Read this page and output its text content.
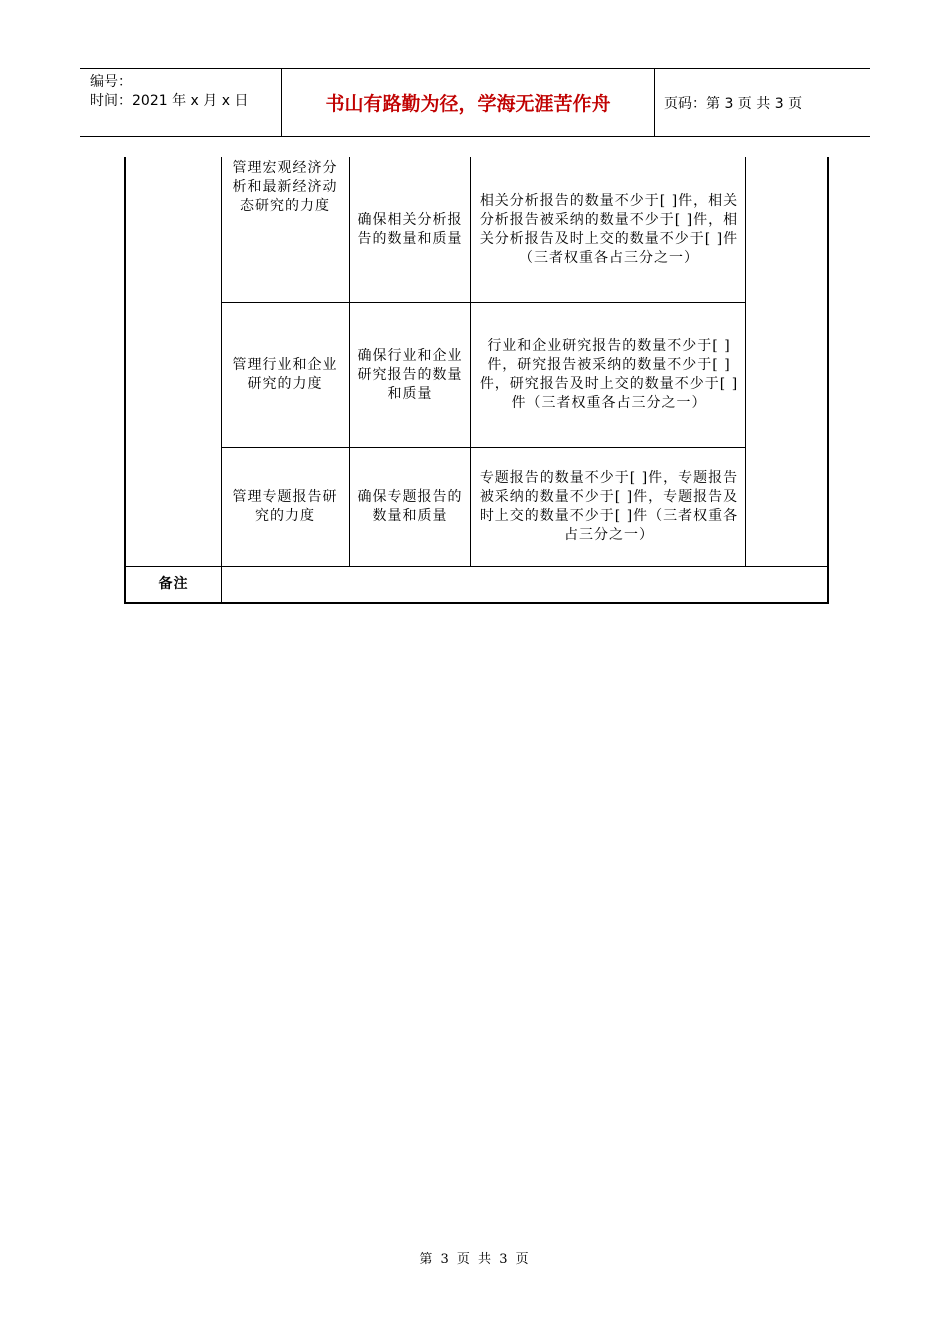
编号：
时间：2021 年 x 月 x 日	书山有路勤为径，学海无涯苦作舟	页码：第 3 页 共 3 页
管理宏观经济分析和最新经济动态研究的力度
确保相关分析报告的数量和质量
相关分析报告的数量不少于[ ]件，相关分析报告被采纳的数量不少于[ ]件，相关分析报告及时上交的数量不少于[ ]件（三者权重各占三分之一）
管理行业和企业研究的力度
确保行业和企业研究报告的数量和质量
行业和企业研究报告的数量不少于[ ]件，研究报告被采纳的数量不少于[ ]件，研究报告及时上交的数量不少于[ ]件（三者权重各占三分之一）
管理专题报告研究的力度
确保专题报告的数量和质量
专题报告的数量不少于[ ]件，专题报告被采纳的数量不少于[ ]件，专题报告及时上交的数量不少于[ ]件（三者权重各占三分之一）
备注
第 3 页 共 3 页
